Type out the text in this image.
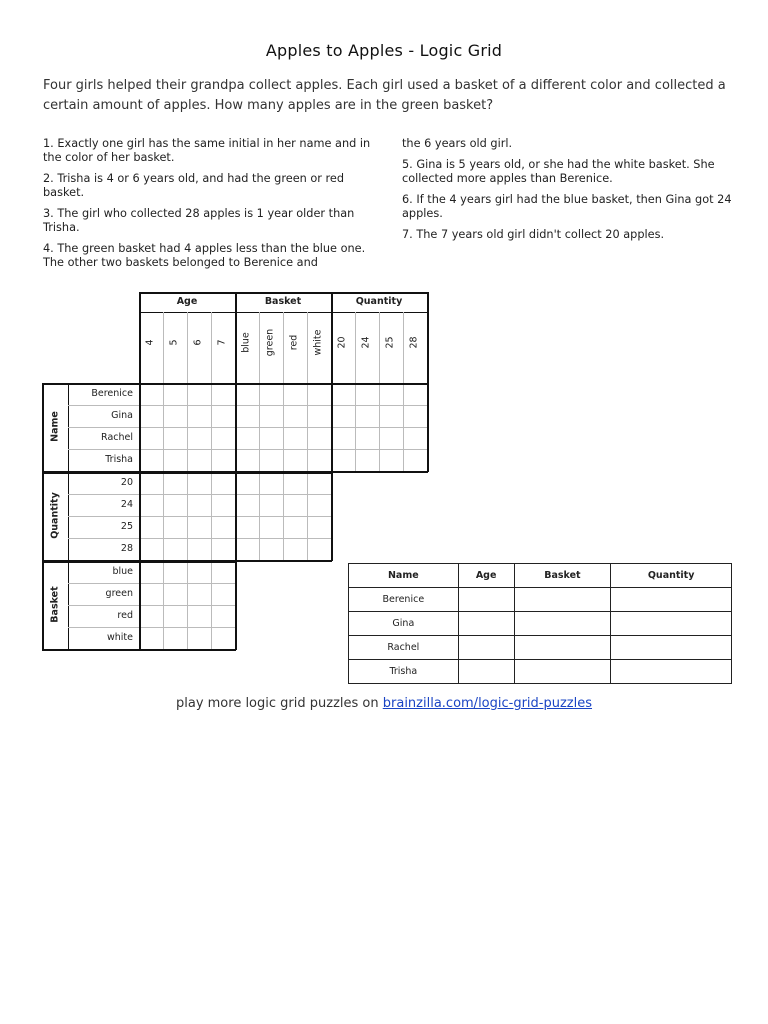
Apples to Apples - Logic Grid
Four girls helped their grandpa collect apples. Each girl used a basket of a different color and collected a certain amount of apples. How many apples are in the green basket?

1. Exactly one girl has the same initial in her name and in the color of her basket.

2. Trisha is 4 or 6 years old, and had the green or red basket.

3. The girl who collected 28 apples is 1 year older than Trisha.

4. The green basket had 4 apples less than the blue one. The other two baskets belonged to Berenice and

the 6 years old girl.

5. Gina is 5 years old, or she had the white basket. She collected more apples than Berenice.

6. If the 4 years girl had the blue basket, then Gina got 24 apples.

7. The 7 years old girl didn't collect 20 apples.

Age
4 5 6 7
Basket
blue green red white
Quantity
20 24 25 28
Name
Berenice
Gina
Rachel
Trisha
Quantity
20
24
25
28
Basket
blue
green
red
white
Name	Age	Basket	Quantity
Berenice			
Gina			
Rachel			
Trisha			
play more logic grid puzzles on brainzilla.com/logic-grid-puzzles
